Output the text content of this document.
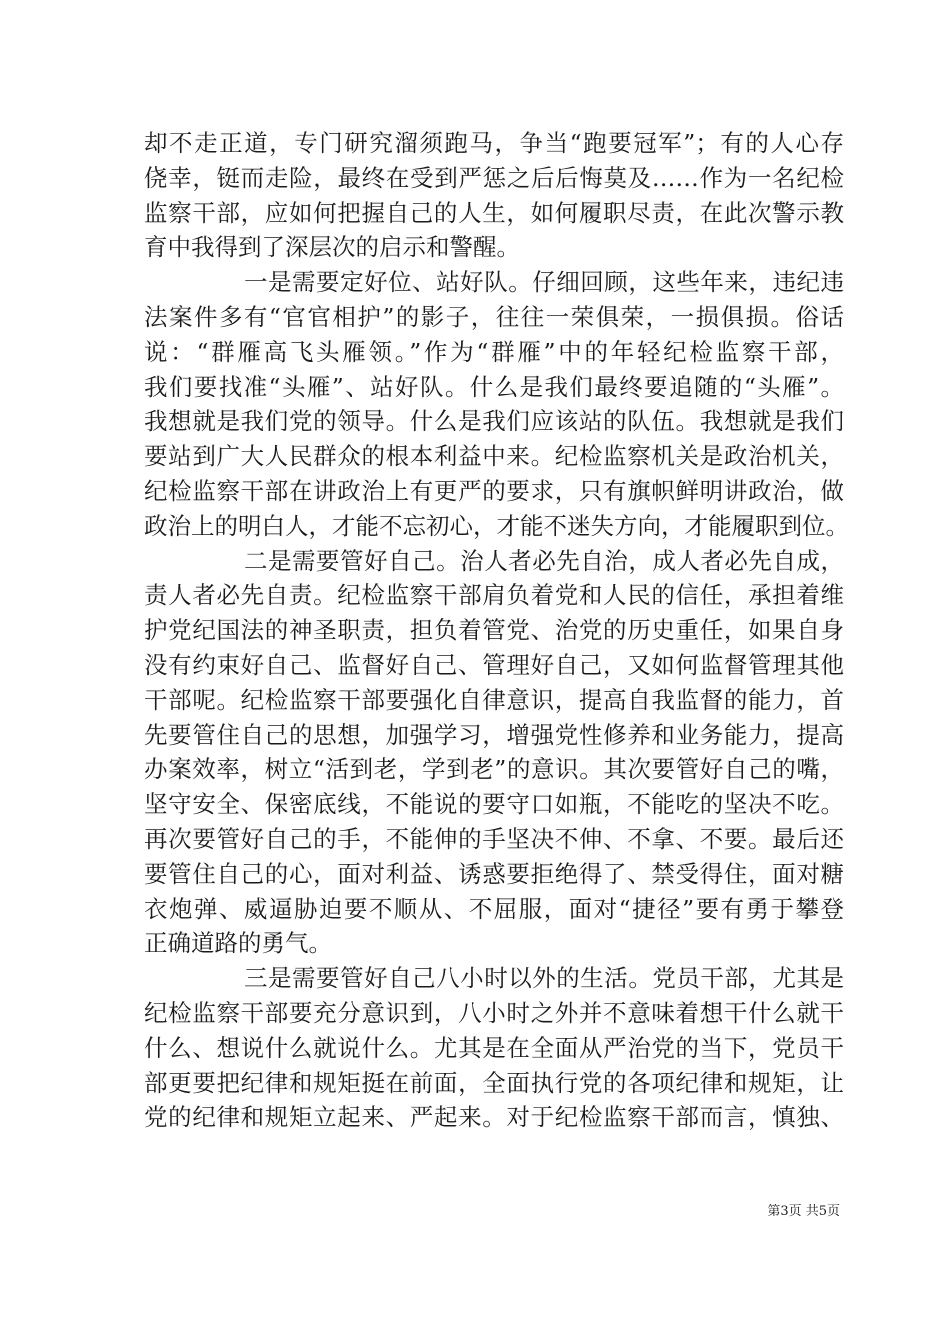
却不走正道，专门研究溜须跑马，争当“跑要冠军”；有的人心存
侥幸，铤而走险，最终在受到严惩之后后悔莫及……作为一名纪检
监察干部，应如何把握自己的人生，如何履职尽责，在此次警示教
育中我得到了深层次的启示和警醒。
一是需要定好位、站好队。仔细回顾，这些年来，违纪违
法案件多有“官官相护”的影子，往往一荣俱荣，一损俱损。俗话
说：“群雁高飞头雁领。”作为“群雁”中的年轻纪检监察干部，
我们要找准“头雁”、站好队。什么是我们最终要追随的“头雁”。
我想就是我们党的领导。什么是我们应该站的队伍。我想就是我们
要站到广大人民群众的根本利益中来。纪检监察机关是政治机关，
纪检监察干部在讲政治上有更严的要求，只有旗帜鲜明讲政治，做
政治上的明白人，才能不忘初心，才能不迷失方向，才能履职到位。
二是需要管好自己。治人者必先自治，成人者必先自成，
责人者必先自责。纪检监察干部肩负着党和人民的信任，承担着维
护党纪国法的神圣职责，担负着管党、治党的历史重任，如果自身
没有约束好自己、监督好自己、管理好自己，又如何监督管理其他
干部呢。纪检监察干部要强化自律意识，提高自我监督的能力，首
先要管住自己的思想，加强学习，增强党性修养和业务能力，提高
办案效率，树立“活到老，学到老”的意识。其次要管好自己的嘴，
坚守安全、保密底线，不能说的要守口如瓶，不能吃的坚决不吃。
再次要管好自己的手，不能伸的手坚决不伸、不拿、不要。最后还
要管住自己的心，面对利益、诱惑要拒绝得了、禁受得住，面对糖
衣炮弹、威逼胁迫要不顺从、不屈服，面对“捷径”要有勇于攀登
正确道路的勇气。
三是需要管好自己八小时以外的生活。党员干部，尤其是
纪检监察干部要充分意识到，八小时之外并不意味着想干什么就干
什么、想说什么就说什么。尤其是在全面从严治党的当下，党员干
部更要把纪律和规矩挺在前面，全面执行党的各项纪律和规矩，让
党的纪律和规矩立起来、严起来。对于纪检监察干部而言，慎独、
第3页 共5页
